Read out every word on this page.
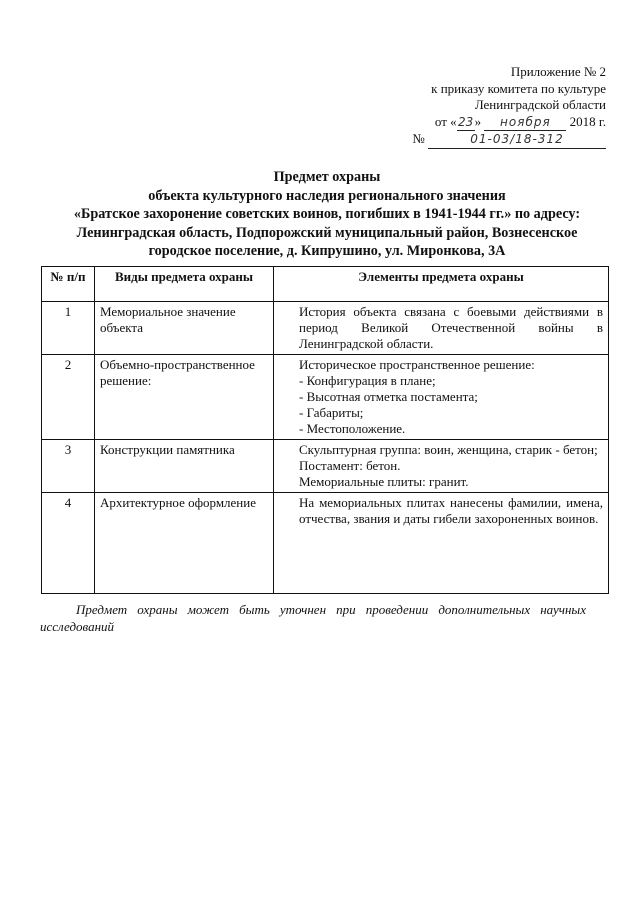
Приложение № 2
к приказу комитета по культуре
Ленинградской области
от «23» ноября 2018 г.
№	01-03/18-312
Предмет охраны
объекта культурного наследия регионального значения
«Братское захоронение советских воинов, погибших в 1941-1944 гг.» по адресу:
Ленинградская область, Подпорожский муниципальный район, Вознесенское
городское поселение, д. Кипрушино, ул. Миронкова, 3А
№ п/п	Виды предмета охраны	Элементы предмета охраны
1	Мемориальное значение объекта	История объекта связана с боевыми действиями в период Великой Отечественной войны в Ленинградской области.

2	Объемно-пространственное решение:	Историческое пространственное решение:
- Конфигурация в плане;
- Высотная отметка постамента;
- Габариты;
- Местоположение.

3	Конструкции памятника	Скульптурная группа: воин, женщина, старик - бетон;
Постамент: бетон.
Мемориальные плиты: гранит.

4	Архитектурное оформление	На мемориальных плитах нанесены фамилии, имена, отчества, звания и даты гибели захороненных воинов.
Предмет охраны может быть уточнен при проведении дополнительных научных исследований
